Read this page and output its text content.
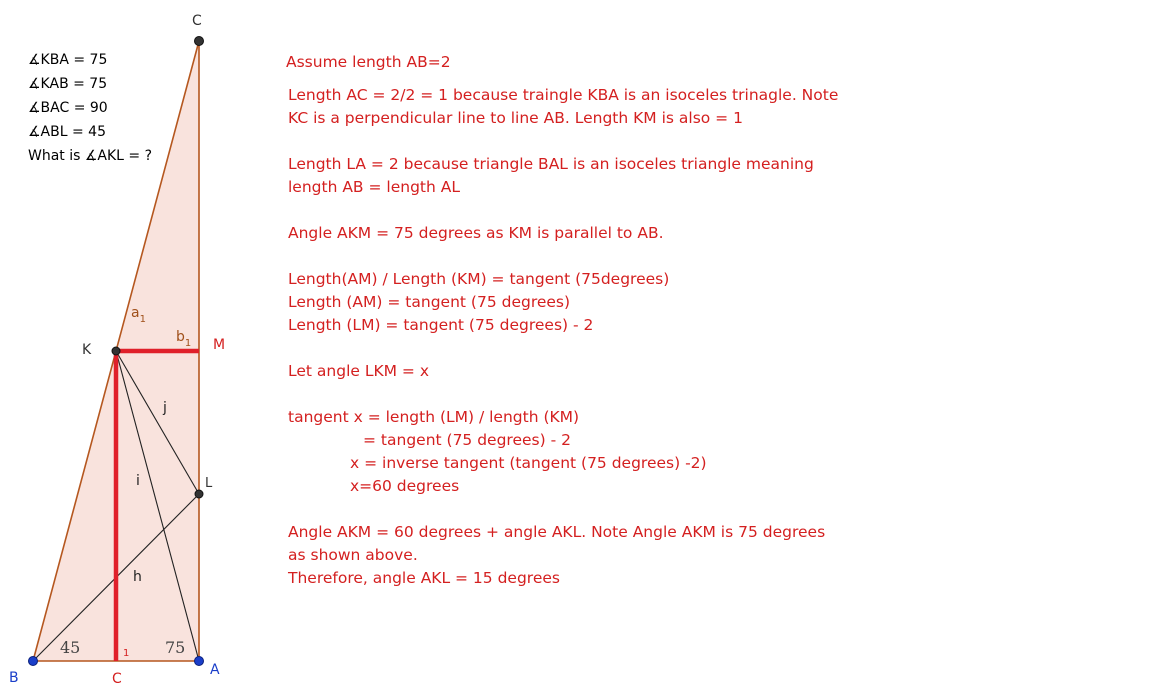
C
K	M
L
B	A
C
$a_1$
$b_1$
1
h
i
j
45	75
∡KBA = 75
∡KAB = 75
∡BAC = 90
∡ABL = 45
What is ∡AKL = ?
Assume length AB=2
Length AC = 2/2 = 1 because traingle KBA is an isoceles trinagle. Note
KC is a perpendicular line to line AB. Length KM is also = 1
Length LA = 2 because triangle BAL is an isoceles triangle meaning
length AB = length AL
Angle AKM = 75 degrees as KM is parallel to AB.
Length(AM) / Length (KM) = tangent (75degrees)
Length (AM) = tangent (75 degrees)
Length (LM) = tangent (75 degrees) - 2
Let angle LKM = x
tangent x = length (LM) / length (KM)
= tangent (75 degrees) - 2
x = inverse tangent (tangent (75 degrees) -2)
x=60 degrees
Angle AKM = 60 degrees + angle AKL. Note Angle AKM is 75 degrees
as shown above.
Therefore, angle AKL = 15 degrees
